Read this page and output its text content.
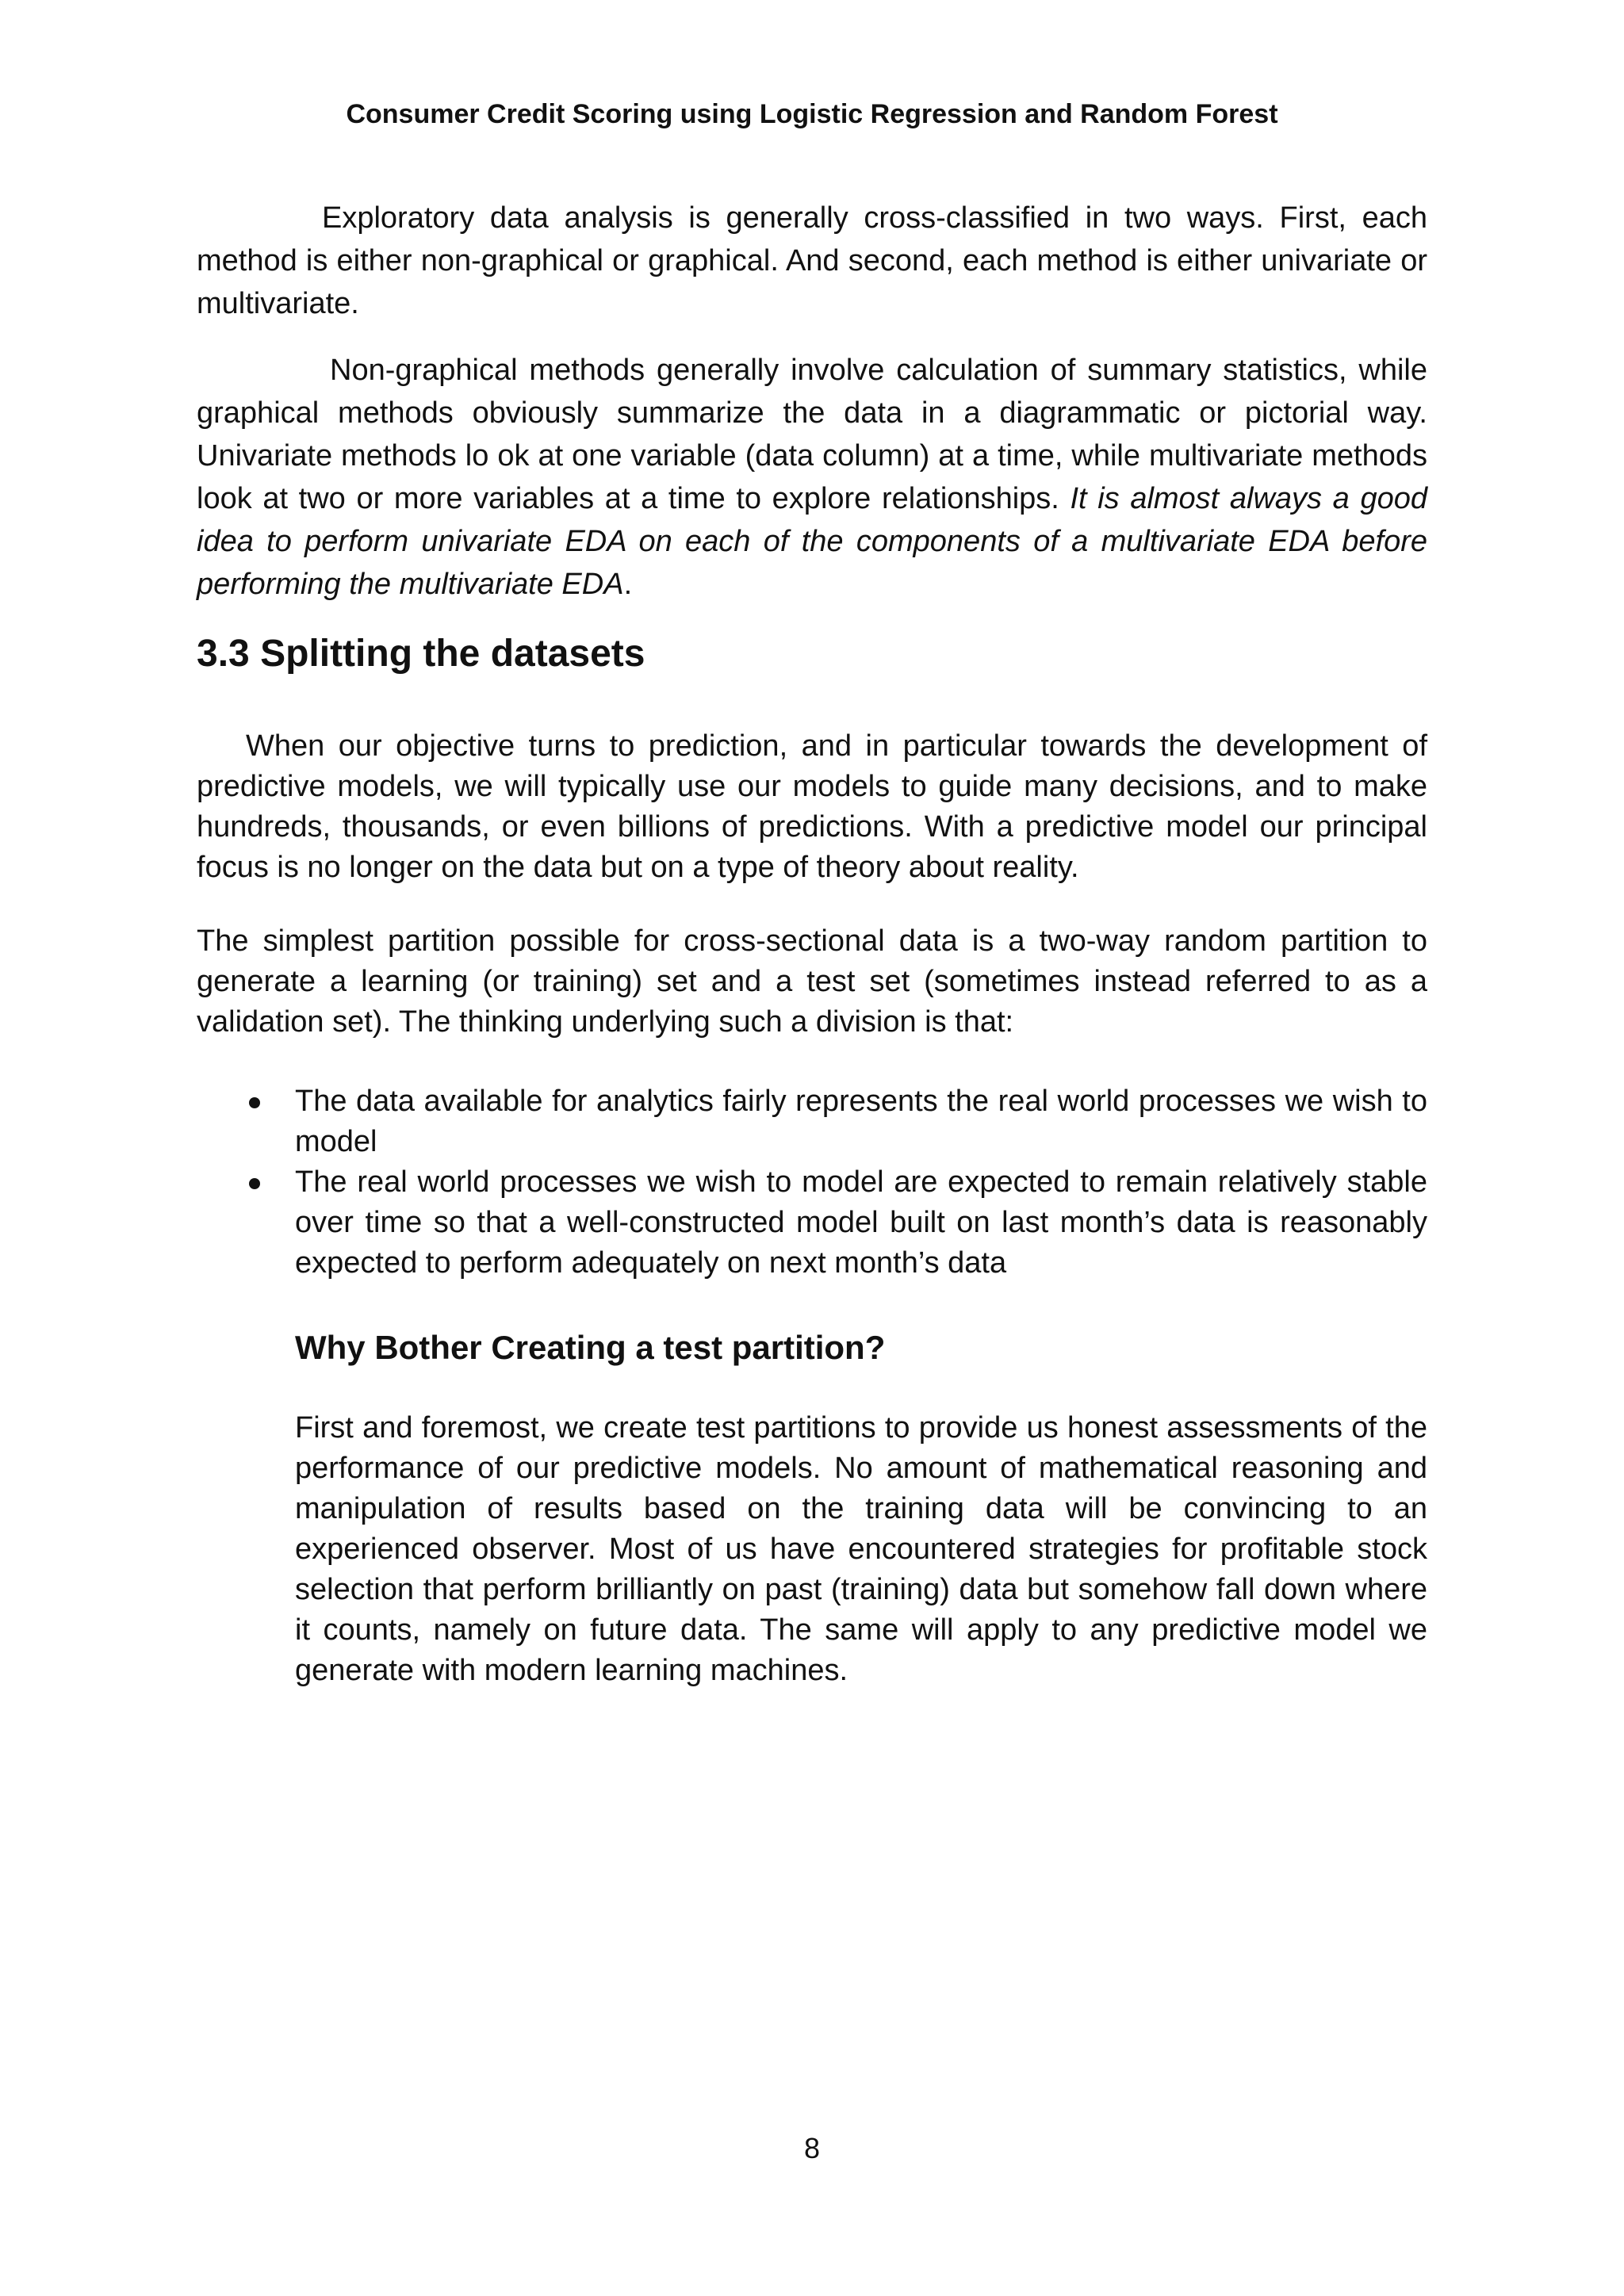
Consumer Credit Scoring using Logistic Regression and Random Forest

Exploratory data analysis is generally cross-classified in two ways. First, each method is either non-graphical or graphical. And second, each method is either univariate or multivariate.

Non-graphical methods generally involve calculation of summary statistics, while graphical methods obviously summarize the data in a diagrammatic or pictorial way. Univariate methods lo ok at one variable (data column) at a time, while multivariate methods look at two or more variables at a time to explore relationships. It is almost always a good idea to perform univariate EDA on each of the components of a multivariate EDA before performing the multivariate EDA.

3.3 Splitting the datasets

When our objective turns to prediction, and in particular towards the development of predictive models, we will typically use our models to guide many decisions, and to make hundreds, thousands, or even billions of predictions. With a predictive model our principal focus is no longer on the data but on a type of theory about reality.

The simplest partition possible for cross-sectional data is a two-way random partition to generate a learning (or training) set and a test set (sometimes instead referred to as a validation set). The thinking underlying such a division is that:

The data available for analytics fairly represents the real world processes we wish to model
The real world processes we wish to model are expected to remain relatively stable over time so that a well-constructed model built on last month’s data is reasonably expected to perform adequately on next month’s data
Why Bother Creating a test partition?

First and foremost, we create test partitions to provide us honest assessments of the performance of our predictive models. No amount of mathematical reasoning and manipulation of results based on the training data will be convincing to an experienced observer. Most of us have encountered strategies for profitable stock selection that perform brilliantly on past (training) data but somehow fall down where it counts, namely on future data. The same will apply to any predictive model we generate with modern learning machines.

8
